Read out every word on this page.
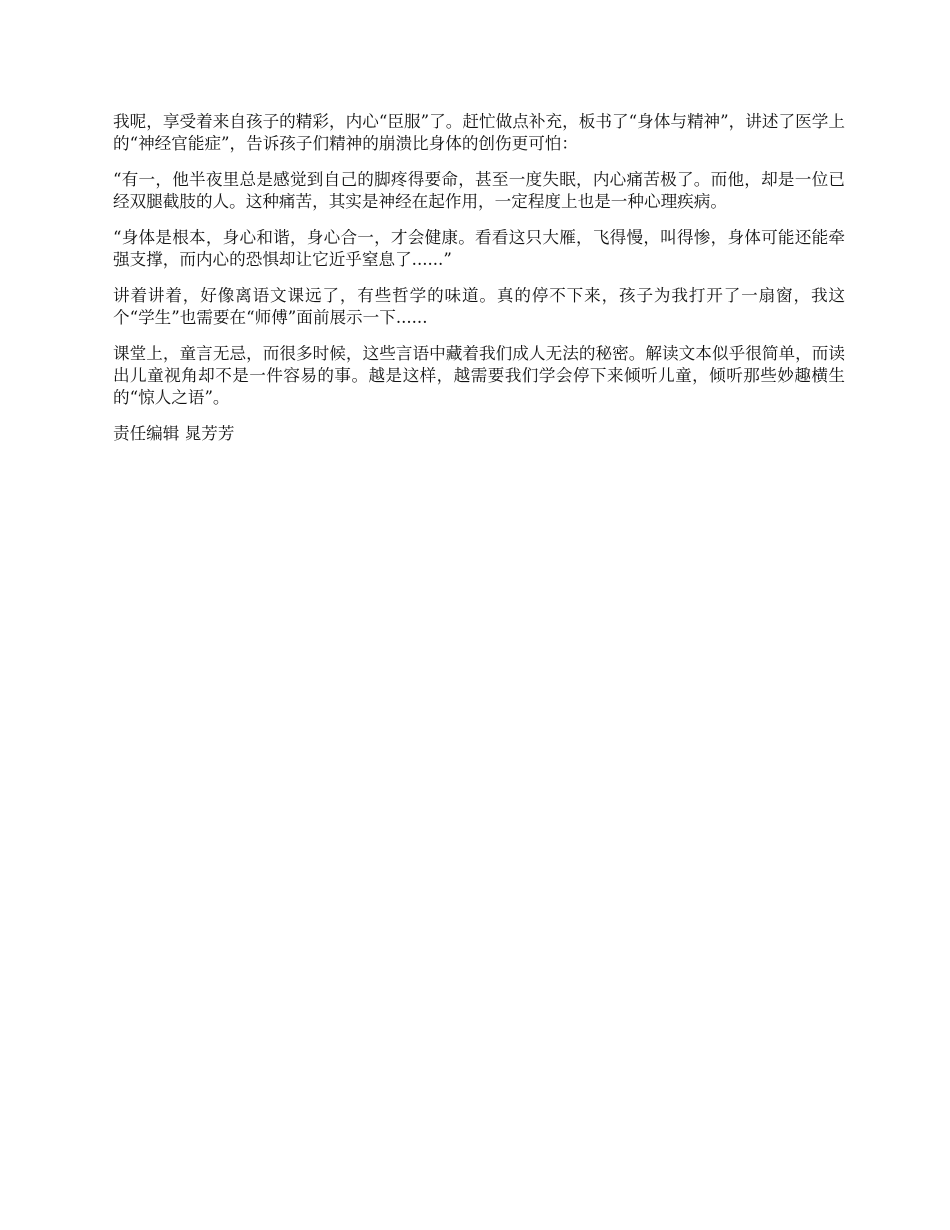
我呢，享受着来自孩子的精彩，内心“臣服”了。赶忙做点补充，板书了“身体与精神”，讲述了医学上的“神经官能症”，告诉孩子们精神的崩溃比身体的创伤更可怕：

“有一，他半夜里总是感觉到自己的脚疼得要命，甚至一度失眠，内心痛苦极了。而他，却是一位已经双腿截肢的人。这种痛苦，其实是神经在起作用，一定程度上也是一种心理疾病。

“身体是根本，身心和谐，身心合一，才会健康。看看这只大雁，飞得慢，叫得惨，身体可能还能牵强支撑，而内心的恐惧却让它近乎窒息了......”

讲着讲着，好像离语文课远了，有些哲学的味道。真的停不下来，孩子为我打开了一扇窗，我这个“学生”也需要在“师傅”面前展示一下......

课堂上，童言无忌，而很多时候，这些言语中藏着我们成人无法的秘密。解读文本似乎很简单，而读出儿童视角却不是一件容易的事。越是这样，越需要我们学会停下来倾听儿童，倾听那些妙趣横生的“惊人之语”。

责任编辑 晁芳芳
